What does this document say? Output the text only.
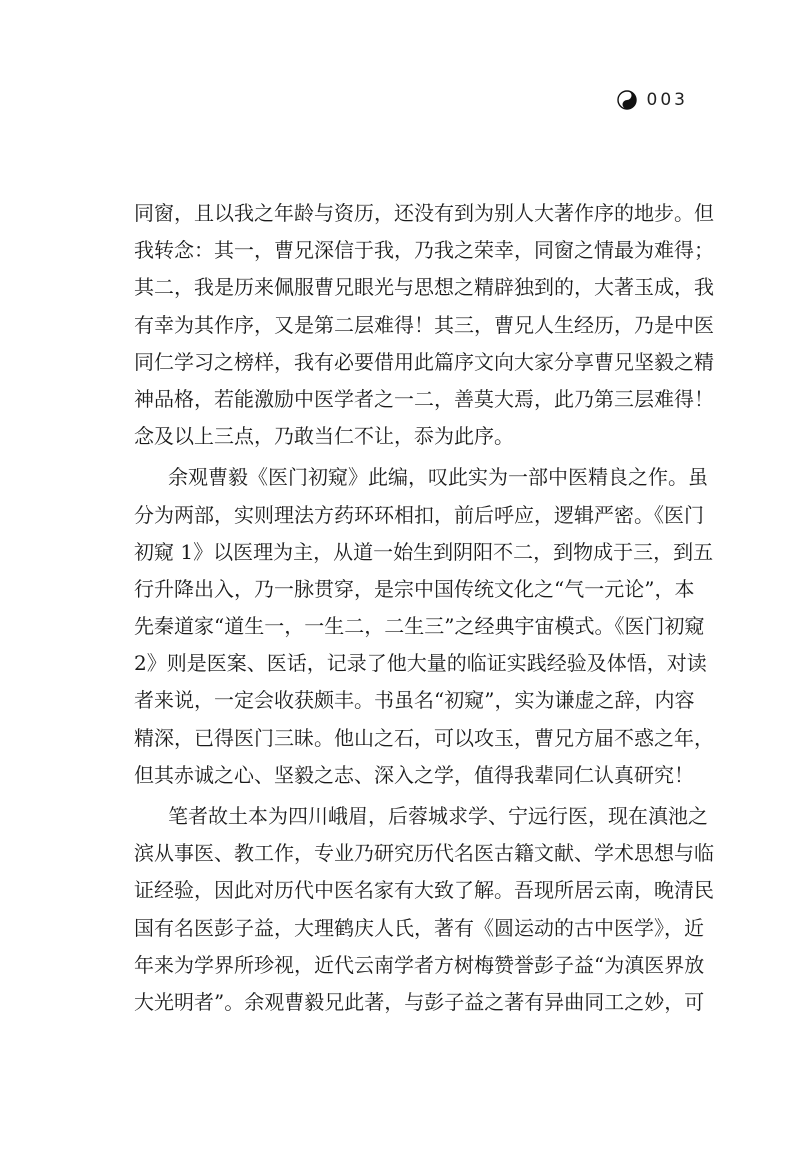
003
同窗，且以我之年龄与资历，还没有到为别人大著作序的地步。但
我转念：其一，曹兄深信于我，乃我之荣幸，同窗之情最为难得；
其二，我是历来佩服曹兄眼光与思想之精辟独到的，大著玉成，我
有幸为其作序，又是第二层难得！其三，曹兄人生经历，乃是中医
同仁学习之榜样，我有必要借用此篇序文向大家分享曹兄坚毅之精
神品格，若能激励中医学者之一二，善莫大焉，此乃第三层难得！
念及以上三点，乃敢当仁不让，忝为此序。
余观曹毅《医门初窥》此编，叹此实为一部中医精良之作。虽
分为两部，实则理法方药环环相扣，前后呼应，逻辑严密。《医门
初窥 1》以医理为主，从道一始生到阴阳不二，到物成于三，到五
行升降出入，乃一脉贯穿，是宗中国传统文化之“气一元论”，本
先秦道家“道生一，一生二，二生三”之经典宇宙模式。《医门初窥
2》则是医案、医话，记录了他大量的临证实践经验及体悟，对读
者来说，一定会收获颇丰。书虽名“初窥”，实为谦虚之辞，内容
精深，已得医门三昧。他山之石，可以攻玉，曹兄方届不惑之年，
但其赤诚之心、坚毅之志、深入之学，值得我辈同仁认真研究！
笔者故土本为四川峨眉，后蓉城求学、宁远行医，现在滇池之
滨从事医、教工作，专业乃研究历代名医古籍文献、学术思想与临
证经验，因此对历代中医名家有大致了解。吾现所居云南，晚清民
国有名医彭子益，大理鹤庆人氏，著有《圆运动的古中医学》，近
年来为学界所珍视，近代云南学者方树梅赞誉彭子益“为滇医界放
大光明者”。余观曹毅兄此著，与彭子益之著有异曲同工之妙，可
